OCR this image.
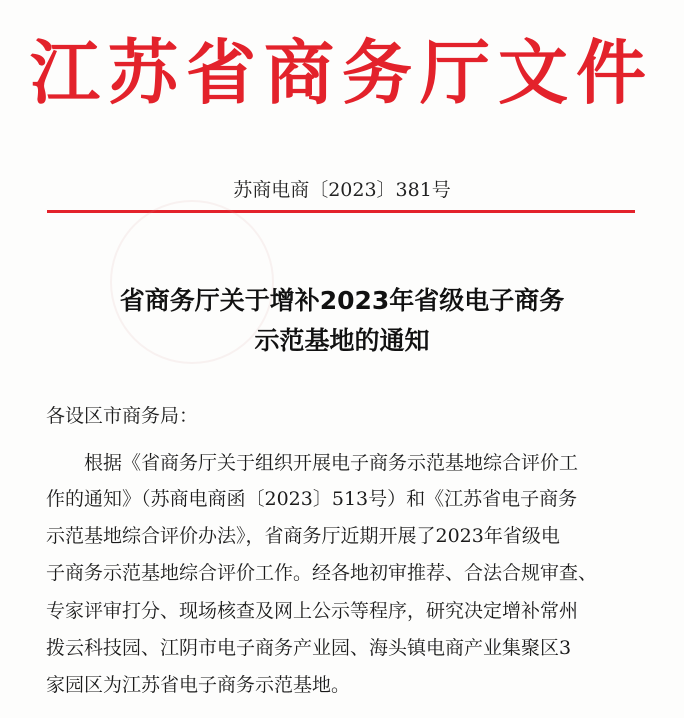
江苏省商务厅文件
苏商电商〔2023〕381号
省商务厅关于增补2023年省级电子商务
示范基地的通知
各设区市商务局：
根据《省商务厅关于组织开展电子商务示范基地综合评价工
作的通知》（苏商电商函〔2023〕513号）和《江苏省电子商务
示范基地综合评价办法》，省商务厅近期开展了2023年省级电
子商务示范基地综合评价工作。经各地初审推荐、合法合规审查、
专家评审打分、现场核查及网上公示等程序，研究决定增补常州
拨云科技园、江阴市电子商务产业园、海头镇电商产业集聚区3
家园区为江苏省电子商务示范基地。
